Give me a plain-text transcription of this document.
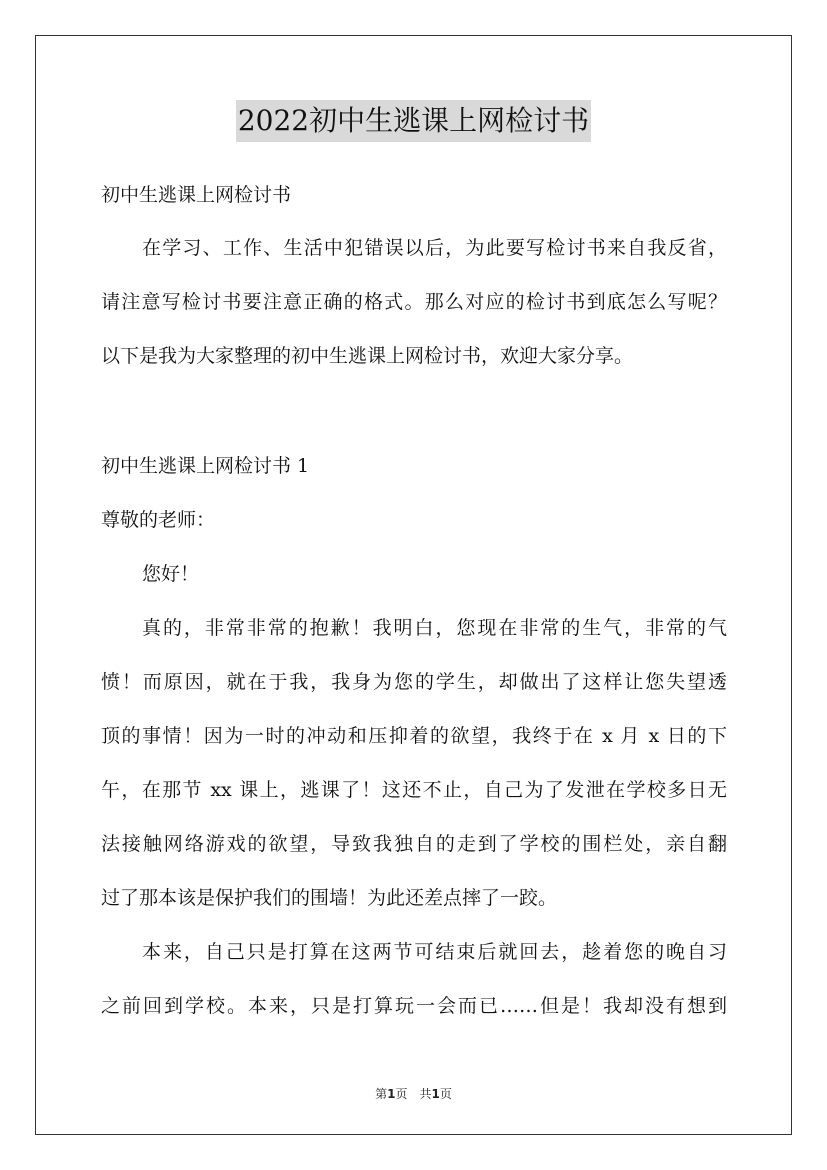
2022初中生逃课上网检讨书
初中生逃课上网检讨书
在学习、工作、生活中犯错误以后，为此要写检讨书来自我反省，
请注意写检讨书要注意正确的格式。那么对应的检讨书到底怎么写呢？
以下是我为大家整理的初中生逃课上网检讨书，欢迎大家分享。
初中生逃课上网检讨书 1
尊敬的老师：
您好！
真的，非常非常的抱歉！我明白，您现在非常的生气，非常的气
愤！而原因，就在于我，我身为您的学生，却做出了这样让您失望透
顶的事情！因为一时的冲动和压抑着的欲望，我终于在 x 月 x 日的下
午，在那节 xx 课上，逃课了！这还不止，自己为了发泄在学校多日无
法接触网络游戏的欲望，导致我独自的走到了学校的围栏处，亲自翻
过了那本该是保护我们的围墙！为此还差点摔了一跤。
本来，自己只是打算在这两节可结束后就回去，趁着您的晚自习
之前回到学校。本来，只是打算玩一会而已……但是！我却没有想到
第1页　共1页
